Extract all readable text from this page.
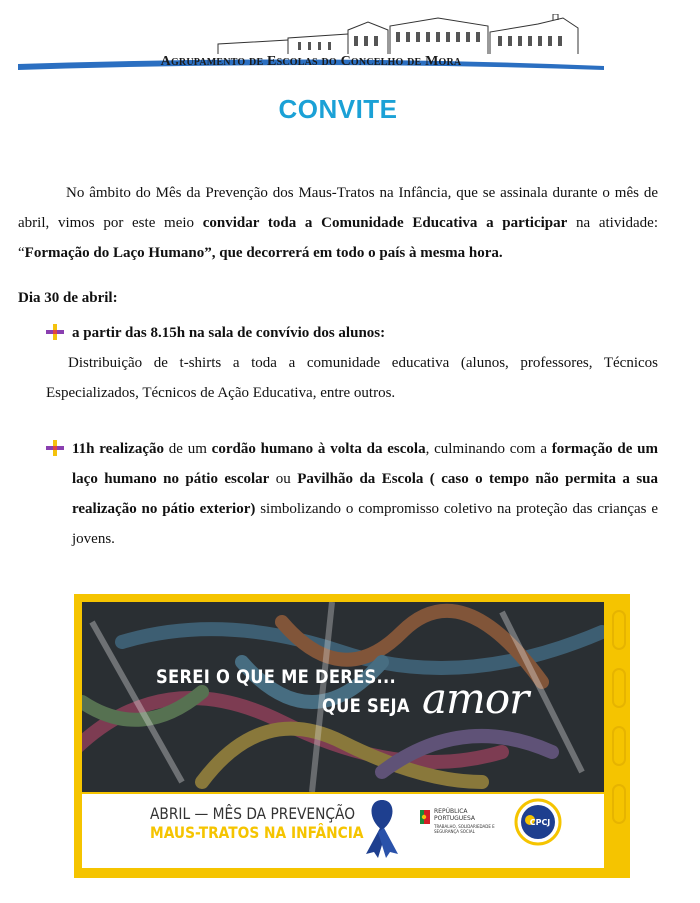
Agrupamento de Escolas do Concelho de Mora
CONVITE
No âmbito do Mês da Prevenção dos Maus-Tratos na Infância, que se assinala durante o mês de abril, vimos por este meio convidar toda a Comunidade Educativa a participar na atividade: “Formação do Laço Humano”, que decorrerá em todo o país à mesma hora.
Dia 30 de abril:
a partir das 8.15h na sala de convívio dos alunos:
Distribuição de t-shirts a toda a comunidade educativa (alunos, professores, Técnicos Especializados, Técnicos de Ação Educativa, entre outros.
11h realização de um cordão humano à volta da escola, culminando com a formação de um laço humano no pátio escolar ou Pavilhão da Escola ( caso o tempo não permita a sua realização no pátio exterior) simbolizando o compromisso coletivo na proteção das crianças e jovens.
SEREI O QUE ME DERES...
QUE SEJA amor
ABRIL — MÊS DA PREVENÇÃO
MAUS-TRATOS NA INFÂNCIA
REPÚBLICA
PORTUGUESA
TRABALHO, SOLIDARIEDADE E SEGURANÇA SOCIAL
CPCJ
